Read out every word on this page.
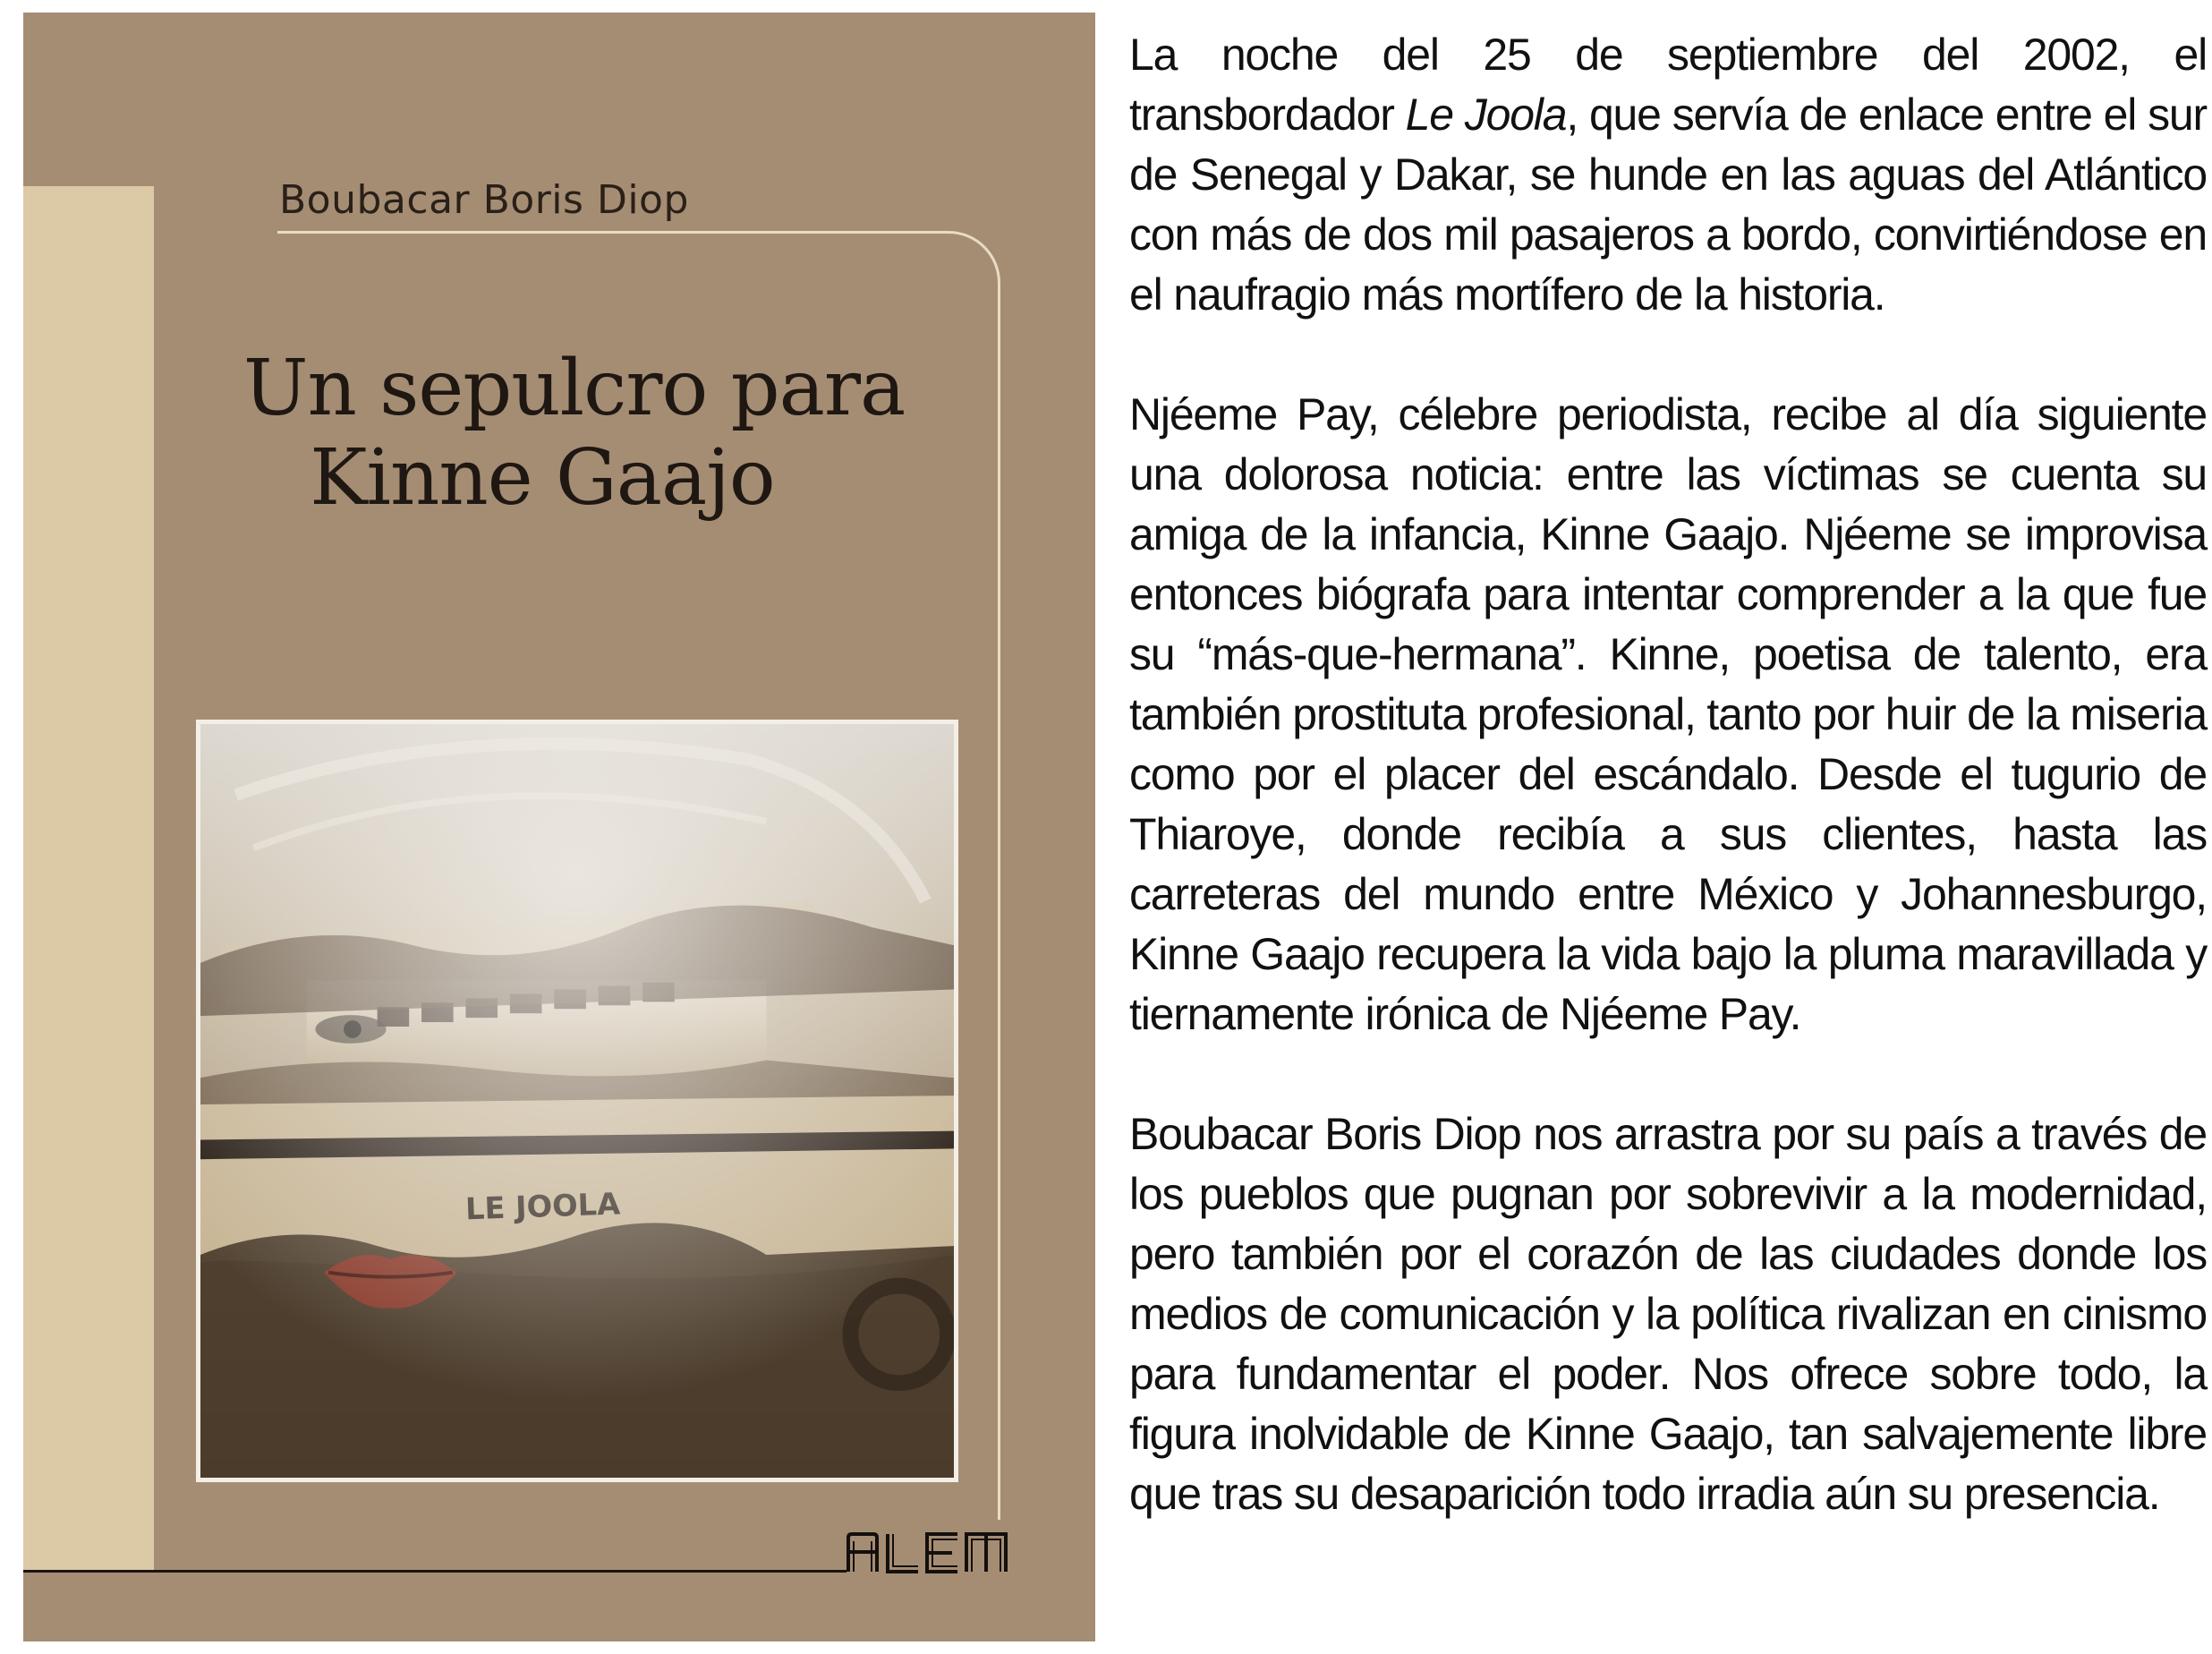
Boubacar Boris Diop
Un sepulcro para
Kinne Gaajo

La noche del 25 de septiembre del 2002, el transbordador Le Joola, que servía de enlace entre el sur de Senegal y Dakar, se hunde en las aguas del Atlántico con más de dos mil pasajeros a bordo, convirtiéndose en el naufragio más mortífero de la historia.

Njéeme Pay, célebre periodista, recibe al día siguiente una dolorosa noticia: entre las víctimas se cuenta su amiga de la infancia, Kinne Gaajo. Njéeme se improvisa entonces biógrafa para intentar comprender a la que fue su “más-que-hermana”. Kinne, poetisa de talento, era también prostituta profesional, tanto por huir de la miseria como por el placer del escándalo. Desde el tugurio de Thiaroye, donde recibía a sus clientes, hasta las carreteras del mundo entre México y Johannesburgo, Kinne Gaajo recupera la vida bajo la pluma maravillada y tiernamente irónica de Njéeme Pay.

Boubacar Boris Diop nos arrastra por su país a través de los pueblos que pugnan por sobrevivir a la modernidad, pero también por el corazón de las ciudades donde los medios de comunicación y la política rivalizan en cinismo para fundamentar el poder. Nos ofrece sobre todo, la figura inolvidable de Kinne Gaajo, tan salvajemente libre que tras su desaparición todo irradia aún su presencia.
